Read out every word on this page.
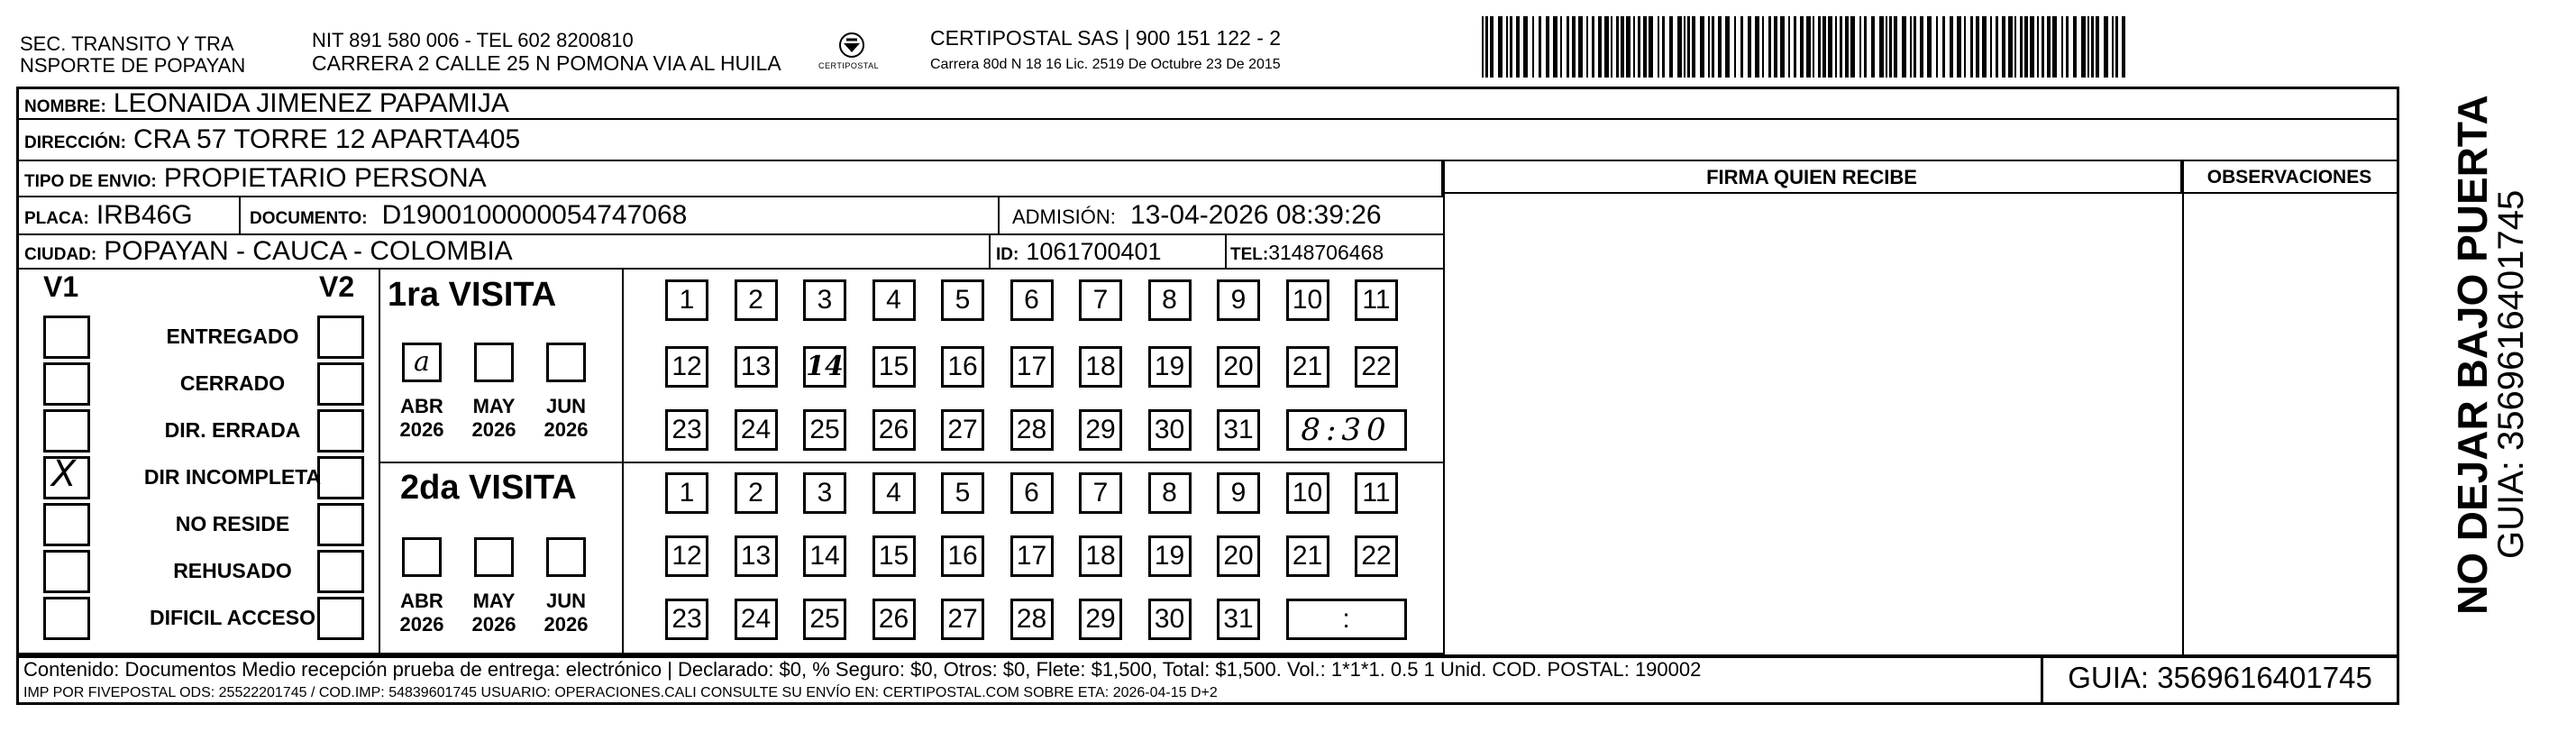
SEC. TRANSITO Y TRA
NSPORTE DE POPAYAN
NIT 891 580 006 - TEL 602 8200810
CARRERA 2 CALLE 25 N POMONA VIA AL HUILA	CERTIPOSTAL
CERTIPOSTAL SAS | 900 151 122 - 2
Carrera 80d N 18 16 Lic. 2519 De Octubre 23 De 2015
NOMBRE: LEONAIDA JIMENEZ PAPAMIJA
DIRECCIÓN: CRA 57 TORRE 12 APARTA405
TIPO DE ENVIO: PROPIETARIO PERSONA	FIRMA QUIEN RECIBE	OBSERVACIONES
PLACA: IRB46G	DOCUMENTO: D1900100000054747068	ADMISIÓN: 13-04-2026 08:39:26
CIUDAD: POPAYAN - CAUCA - COLOMBIA	ID: 1061700401	TEL:3148706468
V1	V2
ENTREGADO
CERRADO
DIR. ERRADA
X	DIR INCOMPLETA
NO RESIDE
REHUSADO
DIFICIL ACCESO
1ra VISITA
a
ABR
2026
MAY
2026
JUN
2026
1	2	3	4	5	6	7	8	9	10 11
12 13 14 15 16 17 18 19 20 21 22
23 24 25 26 27 28 29 30 31	8:30
2da VISITA
ABR
2026
MAY
2026
JUN
2026
1	2	3	4	5	6	7	8	9	10 11
12 13 14 15 16 17 18 19 20 21 22
23 24 25 26 27 28 29 30 31	:
Contenido: Documentos Medio recepción prueba de entrega: electrónico | Declarado: $0, % Seguro: $0, Otros: $0, Flete: $1,500, Total: $1,500. Vol.: 1*1*1. 0.5 1 Unid. COD. POSTAL: 190002
IMP POR FIVEPOSTAL ODS: 25522201745 / COD.IMP: 54839601745 USUARIO: OPERACIONES.CALI CONSULTE SU ENVÍO EN: CERTIPOSTAL.COM SOBRE ETA: 2026-04-15 D+2	GUIA: 3569616401745
NO DEJAR BAJO PUERTA
GUIA: 3569616401745
